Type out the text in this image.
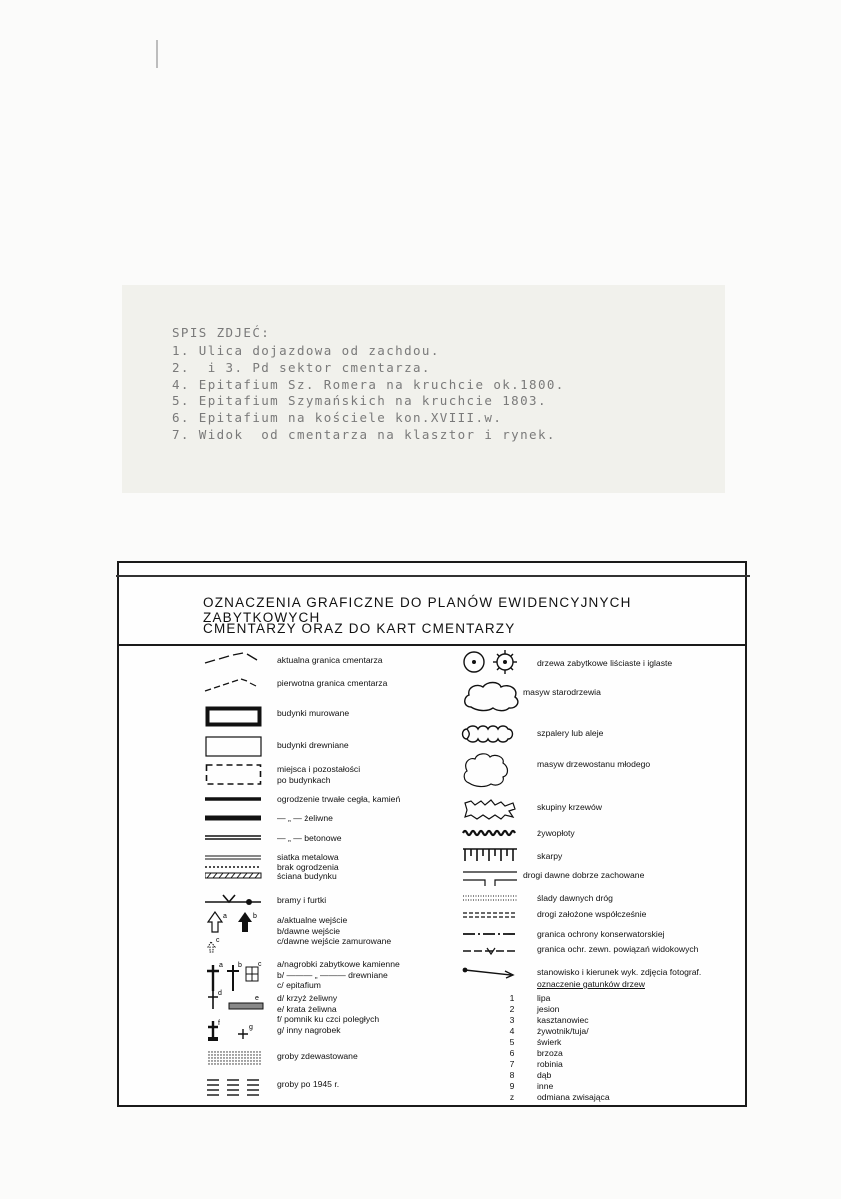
SPIS ZDJEĆ:
1. Ulica dojazdowa od zachdou.
2.  i 3. Pd sektor cmentarza.
4. Epitafium Sz. Romera na kruchcie ok.1800.
5. Epitafium Szymańskich na kruchcie 1803.
6. Epitafium na kościele kon.XVIII.w.
7. Widok  od cmentarza na klasztor i rynek.
OZNACZENIA GRAFICZNE DO PLANÓW EWIDENCYJNYCH ZABYTKOWYCH
CMENTARZY ORAZ DO KART CMENTARZY
a	b
c
a b c
d
e
f
g
aktualna granica cmentarza
pierwotna granica cmentarza
budynki murowane
budynki drewniane
miejsca i pozostałości
po budynkach
ogrodzenie trwałe cegła, kamień
— „ — żeliwne
— „ — betonowe
siatka metalowa
brak ogrodzenia
ściana budynku
bramy i furtki
a/aktualne wejście
b/dawne wejście
c/dawne wejście zamurowane
a/nagrobki zabytkowe kamienne
b/ ——— „ ——— drewniane
c/ epitafium
d/ krzyż żeliwny
e/ krata żeliwna
f/ pomnik ku czci poległych
g/ inny nagrobek
groby zdewastowane
groby po 1945 r.
drzewa zabytkowe liściaste i iglaste
masyw starodrzewia
szpalery lub aleje
masyw drzewostanu młodego
skupiny krzewów
żywopłoty
skarpy
drogi dawne dobrze zachowane
ślady dawnych dróg
drogi założone współcześnie
granica ochrony konserwatorskiej
granica ochr. zewn. powiązań widokowych
stanowisko i kierunek wyk. zdjęcia fotograf.
oznaczenie gatunków drzew
1	lipa
2	jesion
3	kasztanowiec
4	żywotnik/tuja/
5	świerk
6	brzoza
7	robinia
8	dąb
9	inne
z	odmiana zwisająca
